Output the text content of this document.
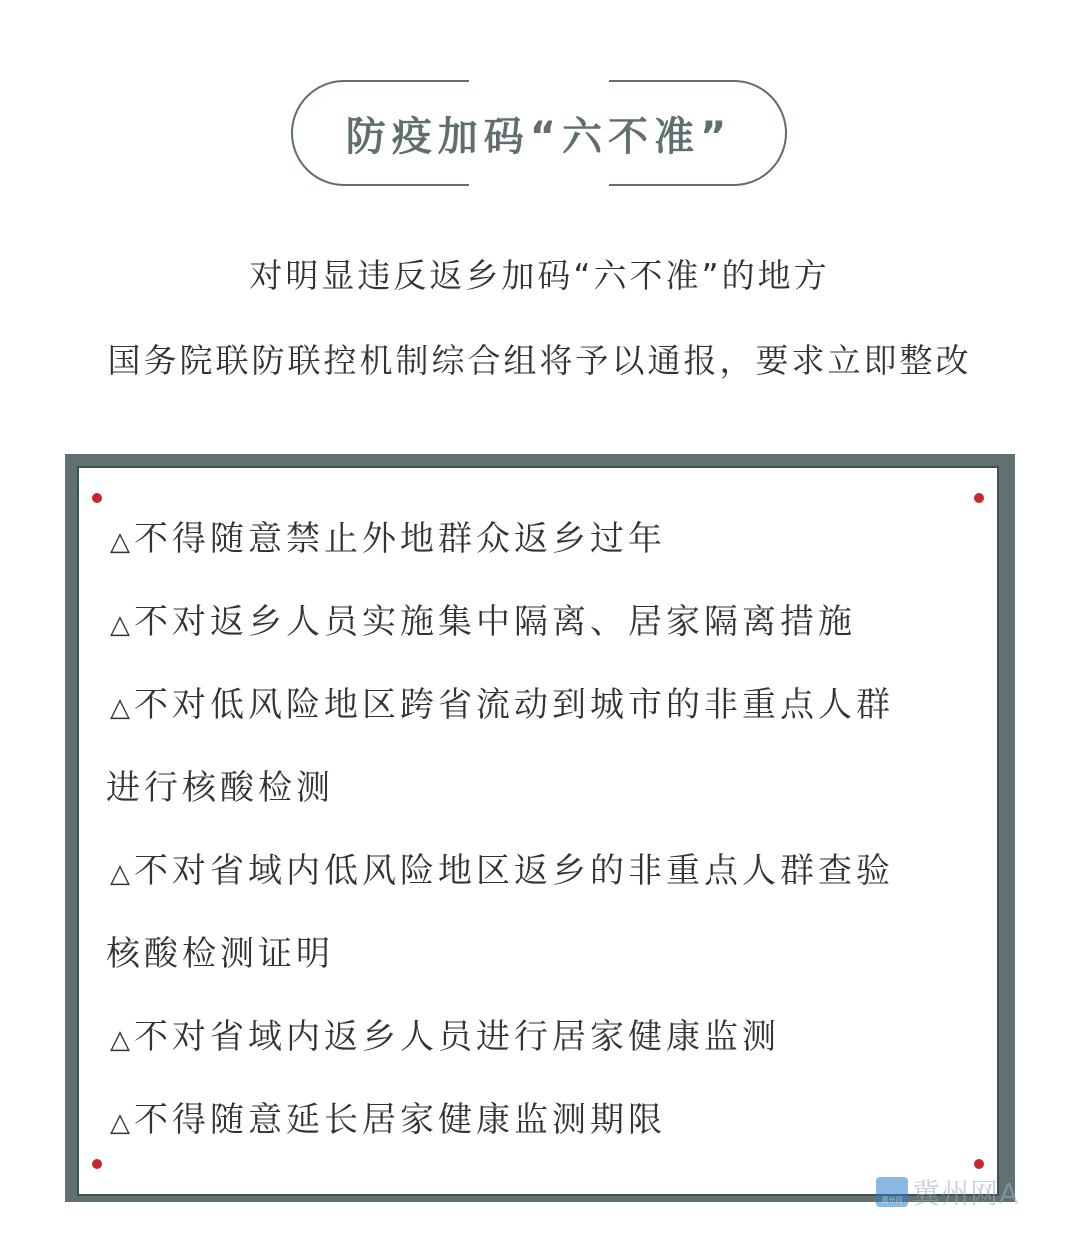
防疫加码“六不准”
对明显违反返乡加码“六不准”的地方
国务院联防联控机制综合组将予以通报，要求立即整改
△不得随意禁止外地群众返乡过年
△不对返乡人员实施集中隔离、居家隔离措施
△不对低风险地区跨省流动到城市的非重点人群
进行核酸检测
△不对省域内低风险地区返乡的非重点人群查验
核酸检测证明
△不对省域内返乡人员进行居家健康监测
△不得随意延长居家健康监测期限
冀州网 冀州网A
